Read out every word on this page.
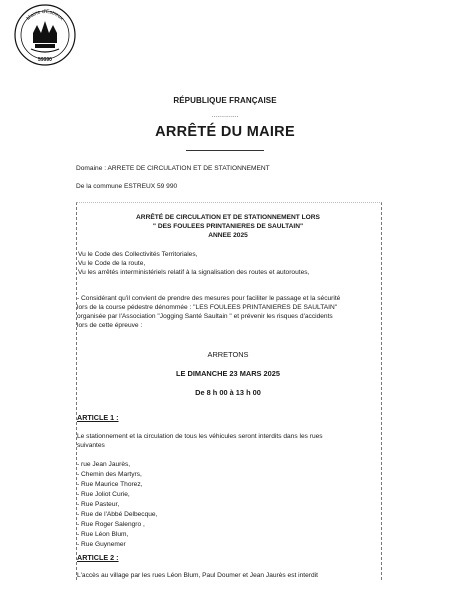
Mairie d'Estreux
59990
RÉPUBLIQUE FRANÇAISE
..............
ARRÊTÉ DU MAIRE
Domaine : ARRETE DE CIRCULATION ET DE STATIONNEMENT
De la commune ESTREUX 59 990
ARRÊTÉ DE CIRCULATION ET DE STATIONNEMENT LORS
" DES FOULEES PRINTANIERES DE SAULTAIN"
ANNEE 2025
Vu le Code des Collectivités Territoriales,
Vu le Code de la route,
Vu les arrêtés interministériels relatif à la signalisation des routes et autoroutes,
- Considérant qu'il convient de prendre des mesures pour faciliter le passage et la sécurité
lors de la course pédestre dénommée : "LES FOULEES PRINTANIERES DE SAULTAIN"
organisée par l'Association "Jogging Santé Saultain " et prévenir les risques d'accidents
lors de cette épreuve :
ARRETONS
LE DIMANCHE 23 MARS 2025
De 8 h 00 à 13 h 00
ARTICLE 1 :
Le stationnement et la circulation de tous les véhicules seront interdits dans les rues
suivantes
- rue Jean Jaurès,
- Chemin des Martyrs,
- Rue Maurice Thorez,
- Rue Joliot Curie,
- Rue Pasteur,
- Rue de l'Abbé Delbecque,
- Rue Roger Salengro ,
- Rue Léon Blum,
- Rue Guynemer
ARTICLE 2 :
L'accès au village par les rues Léon Blum, Paul Doumer et Jean Jaurès est interdit
